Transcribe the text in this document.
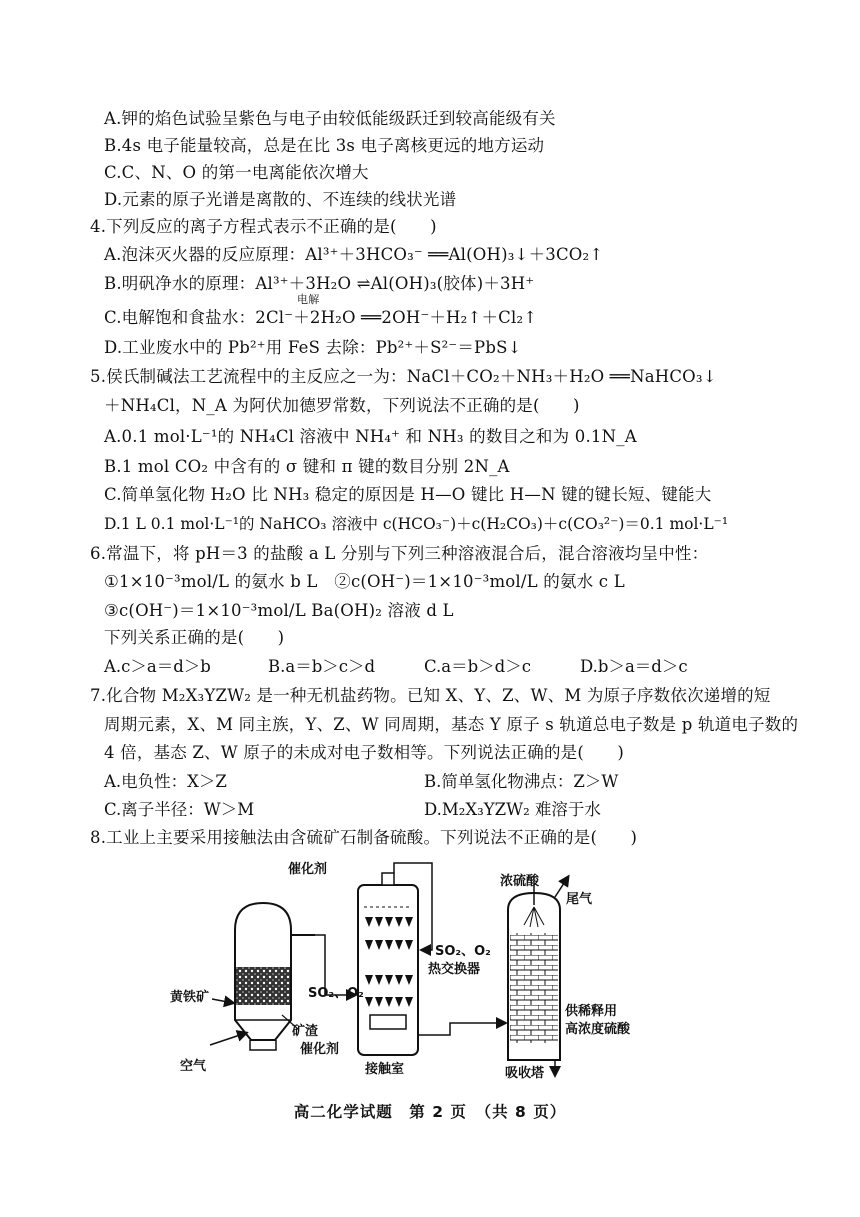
A.钾的焰色试验呈紫色与电子由较低能级跃迁到较高能级有关
B.4s 电子能量较高，总是在比 3s 电子离核更远的地方运动
C.C、N、O 的第一电离能依次增大
D.元素的原子光谱是离散的、不连续的线状光谱
4.下列反应的离子方程式表示不正确的是(　　)
A.泡沫灭火器的反应原理：Al³⁺＋3HCO₃⁻ ══Al(OH)₃↓＋3CO₂↑
B.明矾净水的原理：Al³⁺＋3H₂O ⇌Al(OH)₃(胶体)＋3H⁺
电解
C.电解饱和食盐水：2Cl⁻＋2H₂O ══2OH⁻＋H₂↑＋Cl₂↑
D.工业废水中的 Pb²⁺用 FeS 去除：Pb²⁺＋S²⁻＝PbS↓
5.侯氏制碱法工艺流程中的主反应之一为：NaCl＋CO₂＋NH₃＋H₂O ══NaHCO₃↓
＋NH₄Cl，N_A 为阿伏加德罗常数，下列说法不正确的是(　　)
A.0.1 mol·L⁻¹的 NH₄Cl 溶液中 NH₄⁺ 和 NH₃ 的数目之和为 0.1N_A
B.1 mol CO₂ 中含有的 σ 键和 π 键的数目分别 2N_A
C.简单氢化物 H₂O 比 NH₃ 稳定的原因是 H—O 键比 H—N 键的键长短、键能大
D.1 L 0.1 mol·L⁻¹的 NaHCO₃ 溶液中 c(HCO₃⁻)＋c(H₂CO₃)＋c(CO₃²⁻)＝0.1 mol·L⁻¹
6.常温下，将 pH＝3 的盐酸 a L 分别与下列三种溶液混合后，混合溶液均呈中性：
①1×10⁻³mol/L 的氨水 b L　②c(OH⁻)＝1×10⁻³mol/L 的氨水 c L
③c(OH⁻)＝1×10⁻³mol/L Ba(OH)₂ 溶液 d L
下列关系正确的是(　　)
A.c＞a＝d＞b	B.a＝b＞c＞d	C.a＝b＞d＞c	D.b＞a＝d＞c
7.化合物 M₂X₃YZW₂ 是一种无机盐药物。已知 X、Y、Z、W、M 为原子序数依次递增的短
周期元素，X、M 同主族，Y、Z、W 同周期，基态 Y 原子 s 轨道总电子数是 p 轨道电子数的
4 倍，基态 Z、W 原子的未成对电子数相等。下列说法正确的是(　　)
A.电负性：X＞Z	B.简单氢化物沸点：Z＞W
C.离子半径：W＞M	D.M₂X₃YZW₂ 难溶于水
8.工业上主要采用接触法由含硫矿石制备硫酸。下列说法不正确的是(　　)
催化剂
浓硫酸
尾气
SO₂、O₂
热交换器
黄铁矿	SO₂、O₂
矿渣
供稀释用
高浓度硫酸
催化剂
接触室	吸收塔
空气
高二化学试题　第 2 页　（共 8 页）
